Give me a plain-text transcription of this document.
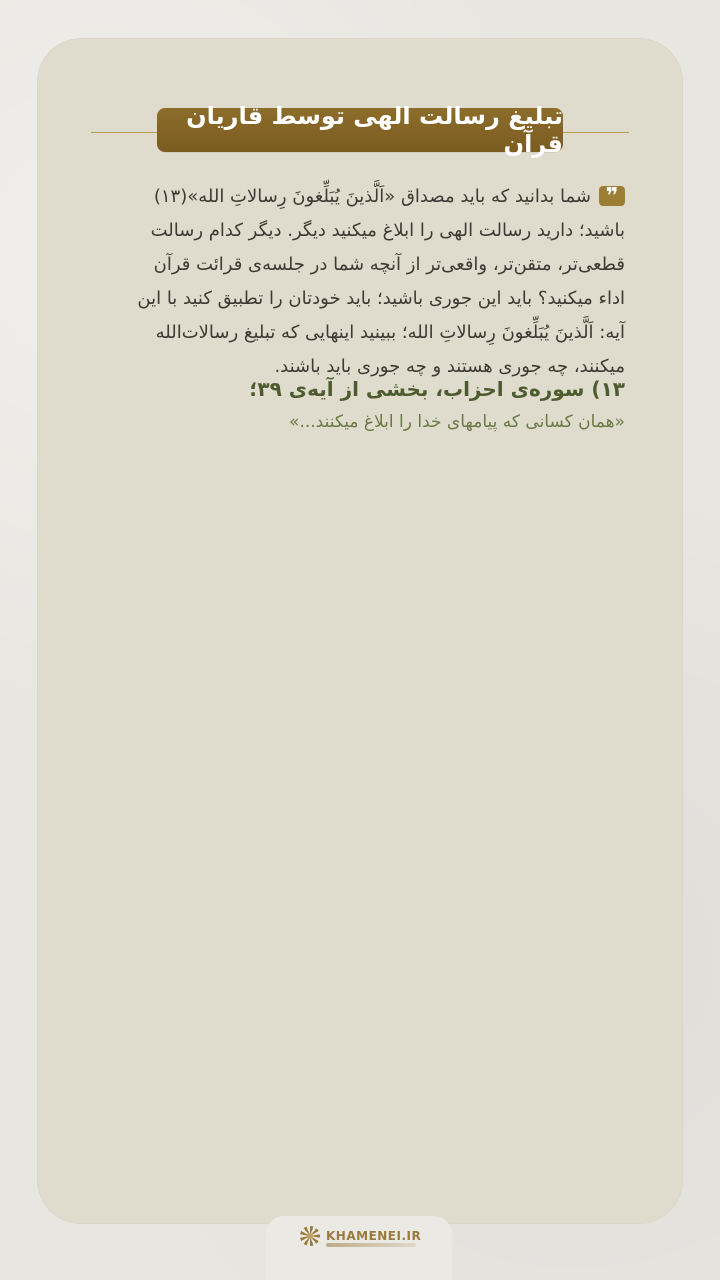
تبلیغ رسالت الهی توسط قاریان قرآن
❞
شما بدانید که باید مصداق «اَلَّذینَ یُبَلِّغونَ رِسالاتِ الله»(۱۳)
باشید؛ دارید رسالت الهی را ابلاغ میکنید دیگر. دیگر کدام رسالت
قطعی‌تر، متقن‌تر، واقعی‌تر از آنچه شما در جلسه‌ی قرائت قرآن
اداء میکنید؟ باید این جوری باشید؛ باید خودتان را تطبیق کنید با این
آیه: اَلَّذینَ یُبَلِّغونَ رِسالاتِ الله؛ ببینید اینهایی که تبلیغ رسالات‌الله
میکنند، چه جوری هستند و چه جوری باید باشند.
۱۳) سوره‌ی احزاب، بخشی از آیه‌ی ۳۹؛
«همان کسانی که پیامهای خدا را ابلاغ میکنند...»
KHAMENEI.IR
